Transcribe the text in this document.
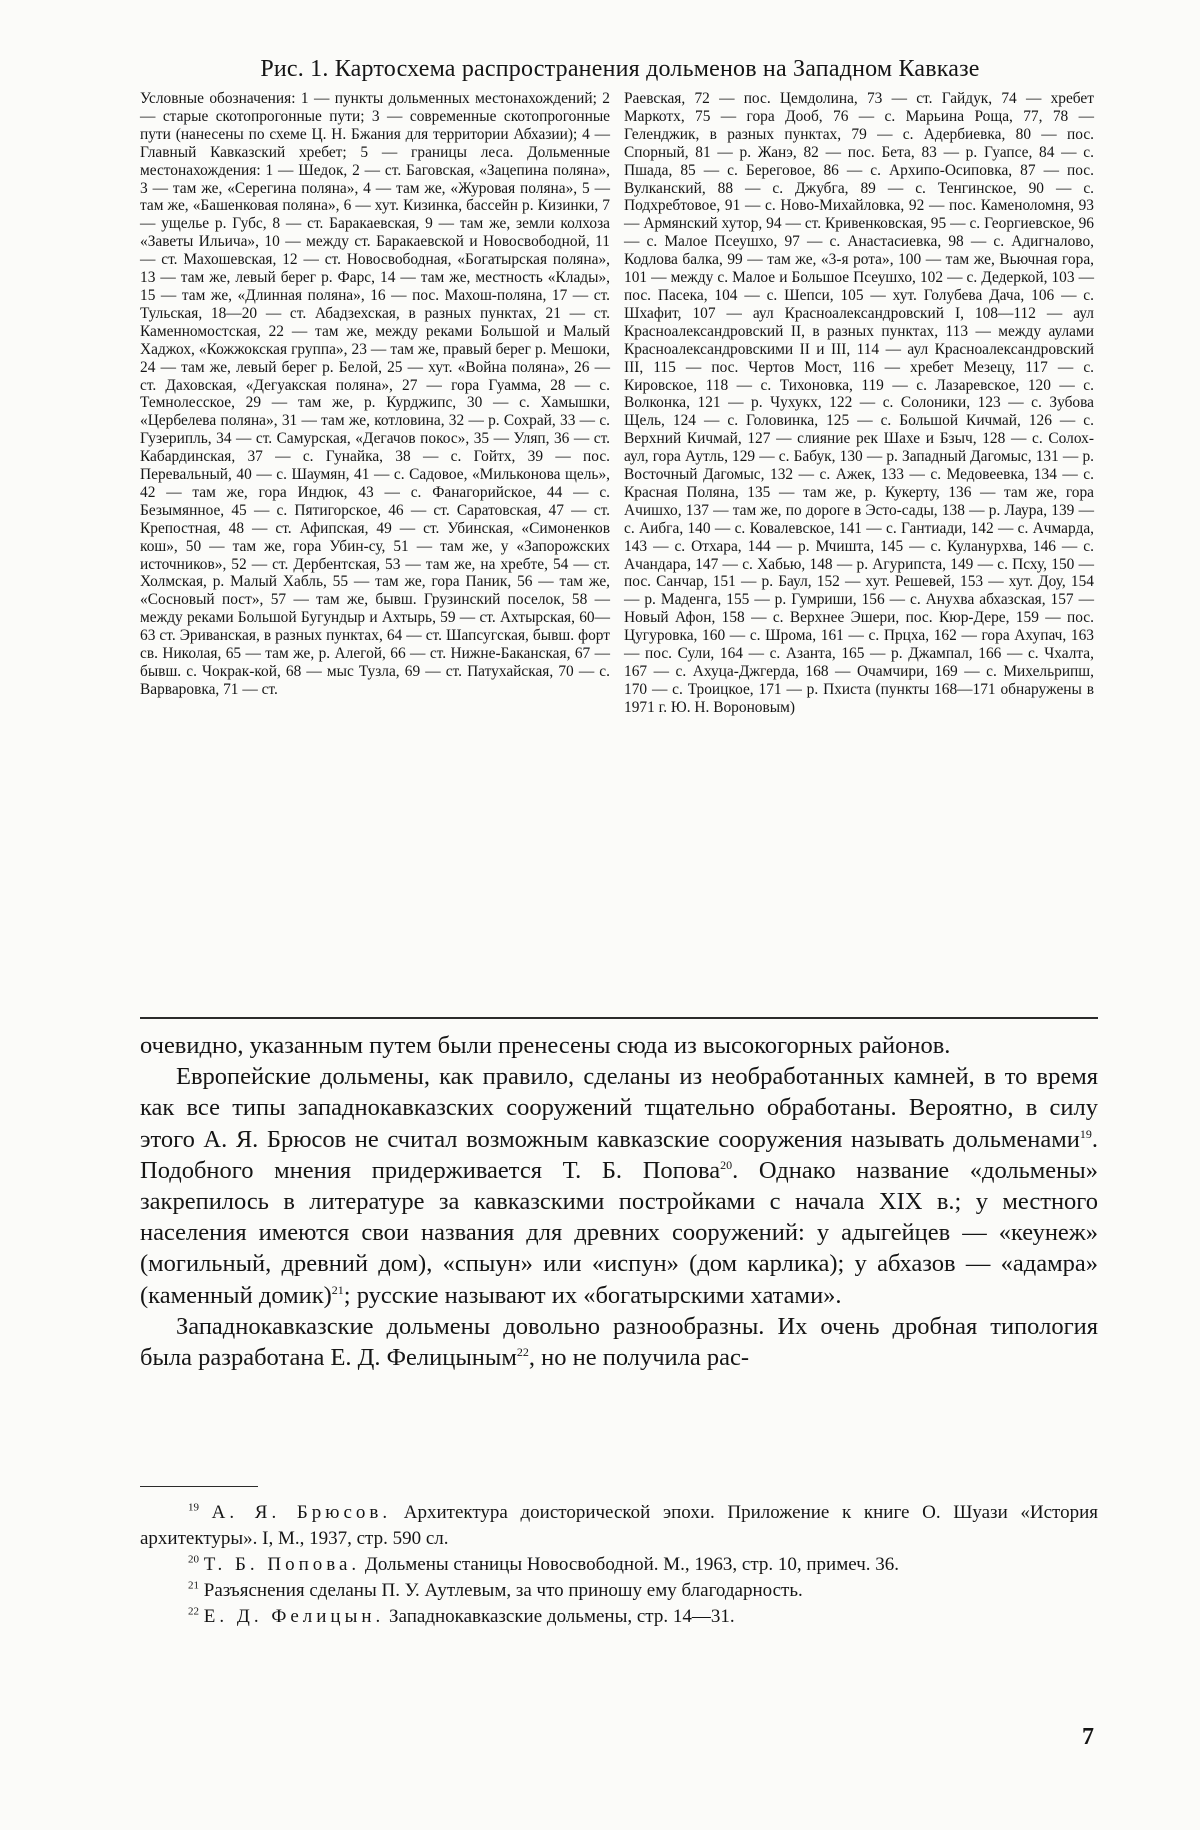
Рис. 1. Картосхема распространения дольменов на Западном Кавказе

Условные обозначения: 1 — пункты дольменных местонахождений; 2 — старые скотопрогонные пути; 3 — современные скотопрогонные пути (нанесены по схеме Ц. Н. Бжания для территории Абхазии); 4 — Главный Кавказский хребет; 5 — границы леса. Дольменные местонахождения: 1 — Шедок, 2 — ст. Баговская, «Зацепина поляна», 3 — там же, «Серегина поляна», 4 — там же, «Журовая поляна», 5 — там же, «Башенковая поляна», 6 — хут. Кизинка, бассейн р. Кизинки, 7 — ущелье р. Губс, 8 — ст. Баракаевская, 9 — там же, земли колхоза «Заветы Ильича», 10 — между ст. Баракаевской и Новосвободной, 11 — ст. Махошевская, 12 — ст. Новосвободная, «Богатырская поляна», 13 — там же, левый берег р. Фарс, 14 — там же, местность «Клады», 15 — там же, «Длинная поляна», 16 — пос. Махош-поляна, 17 — ст. Тульская, 18—20 — ст. Абадзехская, в разных пунктах, 21 — ст. Каменномостская, 22 — там же, между реками Большой и Малый Хаджох, «Кожжокская группа», 23 — там же, правый берег р. Мешоки, 24 — там же, левый берег р. Белой, 25 — хут. «Война поляна», 26 — ст. Даховская, «Дегуакская поляна», 27 — гора Гуамма, 28 — с. Темнолесское, 29 — там же, р. Курджипс, 30 — с. Хамышки, «Цербелева поляна», 31 — там же, котловина, 32 — р. Сохрай, 33 — с. Гузерипль, 34 — ст. Самурская, «Дегачов покос», 35 — Уляп, 36 — ст. Кабардинская, 37 — с. Гунайка, 38 — с. Гойтх, 39 — пос. Перевальный, 40 — с. Шаумян, 41 — с. Садовое, «Мильконова щель», 42 — там же, гора Индюк, 43 — с. Фанагорийское, 44 — с. Безымянное, 45 — с. Пятигорское, 46 — ст. Саратовская, 47 — ст. Крепостная, 48 — ст. Афипская, 49 — ст. Убинская, «Симоненков кош», 50 — там же, гора Убин-су, 51 — там же, у «Запорожских источников», 52 — ст. Дербентская, 53 — там же, на хребте, 54 — ст. Холмская, р. Малый Хабль, 55 — там же, гора Паник, 56 — там же, «Сосновый пост», 57 — там же, бывш. Грузинский поселок, 58 — между реками Большой Бугундыр и Ахтырь, 59 — ст. Ахтырская, 60—63 ст. Эриванская, в разных пунктах, 64 — ст. Шапсугская, бывш. форт св. Николая, 65 — там же, р. Алегой, 66 — ст. Нижне-Баканская, 67 — бывш. с. Чокрак-кой, 68 — мыс Тузла, 69 — ст. Патухайская, 70 — с. Варваровка, 71 — ст.

Раевская, 72 — пос. Цемдолина, 73 — ст. Гайдук, 74 — хребет Маркотх, 75 — гора Дооб, 76 — с. Марьина Роща, 77, 78 — Геленджик, в разных пунктах, 79 — с. Адербиевка, 80 — пос. Спорный, 81 — р. Жанэ, 82 — пос. Бета, 83 — р. Гуапсе, 84 — с. Пшада, 85 — с. Береговое, 86 — с. Архипо-Осиповка, 87 — пос. Вулканский, 88 — с. Джубга, 89 — с. Тенгинское, 90 — с. Подхребтовое, 91 — с. Ново-Михайловка, 92 — пос. Каменоломня, 93 — Армянский хутор, 94 — ст. Кривенковская, 95 — с. Георгиевское, 96 — с. Малое Псеушхо, 97 — с. Анастасиевка, 98 — с. Адигналово, Кодлова балка, 99 — там же, «3-я рота», 100 — там же, Вьючная гора, 101 — между с. Малое и Большое Псеушхо, 102 — с. Дедеркой, 103 — пос. Пасека, 104 — с. Шепси, 105 — хут. Голубева Дача, 106 — с. Шхафит, 107 — аул Красноалександровский I, 108—112 — аул Красноалександровский II, в разных пунктах, 113 — между аулами Красноалександровскими II и III, 114 — аул Красноалександровский III, 115 — пос. Чертов Мост, 116 — хребет Мезецу, 117 — с. Кировское, 118 — с. Тихоновка, 119 — с. Лазаревское, 120 — с. Волконка, 121 — р. Чухукх, 122 — с. Солоники, 123 — с. Зубова Щель, 124 — с. Головинка, 125 — с. Большой Кичмай, 126 — с. Верхний Кичмай, 127 — слияние рек Шахе и Бзыч, 128 — с. Солох-аул, гора Аутль, 129 — с. Бабук, 130 — р. Западный Дагомыс, 131 — р. Восточный Дагомыс, 132 — с. Ажек, 133 — с. Медовеевка, 134 — с. Красная Поляна, 135 — там же, р. Кукерту, 136 — там же, гора Ачишхо, 137 — там же, по дороге в Эсто-сады, 138 — р. Лаура, 139 — с. Аибга, 140 — с. Ковалевское, 141 — с. Гантиади, 142 — с. Ачмарда, 143 — с. Отхара, 144 — р. Мчишта, 145 — с. Куланурхва, 146 — с. Ачандара, 147 — с. Хабью, 148 — р. Агурипста, 149 — с. Псху, 150 — пос. Санчар, 151 — р. Баул, 152 — хут. Решевей, 153 — хут. Доу, 154 — р. Маденга, 155 — р. Гумриши, 156 — с. Анухва абхазская, 157 — Новый Афон, 158 — с. Верхнее Эшери, пос. Кюр-Дере, 159 — пос. Цугуровка, 160 — с. Шрома, 161 — с. Прцха, 162 — гора Ахупач, 163 — пос. Сули, 164 — с. Азанта, 165 — р. Джампал, 166 — с. Чхалта, 167 — с. Ахуца-Джгерда, 168 — Очамчири, 169 — с. Михельрипш, 170 — с. Троицкое, 171 — р. Пхиста (пункты 168—171 обнаружены в 1971 г. Ю. Н. Вороновым)

очевидно, указанным путем были пренесены сюда из высокогорных районов.

Европейские дольмены, как правило, сделаны из необработанных камней, в то время как все типы западнокавказских сооружений тщательно обработаны. Вероятно, в силу этого А. Я. Брюсов не считал возможным кавказские сооружения называть дольменами$^{19}$. Подобного мнения придерживается Т. Б. Попова$^{20}$. Однако название «дольмены» закрепилось в литературе за кавказскими постройками с начала XIX в.; у местного населения имеются свои названия для древних сооружений: у адыгейцев — «кеунеж» (могильный, древний дом), «спыун» или «испун» (дом карлика); у абхазов — «адамра» (каменный домик)$^{21}$; русские называют их «богатырскими хатами».

Западнокавказские дольмены довольно разнообразны. Их очень дробная типология была разработана Е. Д. Фелицыным$^{22}$, но не получила рас-

$^{19}$ А. Я. Брюсов. Архитектура доисторической эпохи. Приложение к книге О. Шуази «История архитектуры». I, М., 1937, стр. 590 сл.

$^{20}$ Т. Б. Попова. Дольмены станицы Новосвободной. М., 1963, стр. 10, примеч. 36.

$^{21}$ Разъяснения сделаны П. У. Аутлевым, за что приношу ему благодарность.

$^{22}$ Е. Д. Фелицын. Западнокавказские дольмены, стр. 14—31.

7
